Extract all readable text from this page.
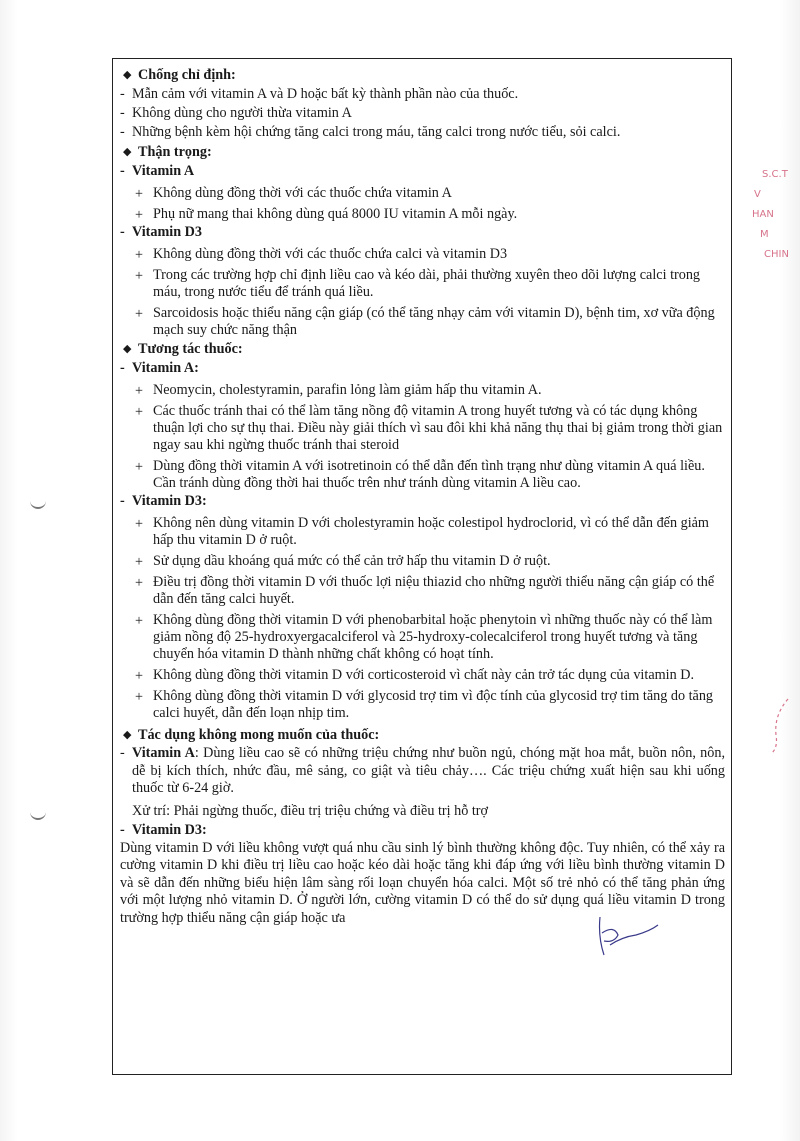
S.C.T
V
HAN
M
CHIN
◆ Chống chỉ định:
- Mẫn cảm với vitamin A và D hoặc bất kỳ thành phần nào của thuốc.
- Không dùng cho người thừa vitamin A
- Những bệnh kèm hội chứng tăng calci trong máu, tăng calci trong nước tiểu, sỏi calci.
◆ Thận trọng:
- Vitamin A
+ Không dùng đồng thời với các thuốc chứa vitamin A
+ Phụ nữ mang thai không dùng quá 8000 IU vitamin A mỗi ngày.
- Vitamin D3
+ Không dùng đồng thời với các thuốc chứa calci và vitamin D3
+ Trong các trường hợp chỉ định liều cao và kéo dài, phải thường xuyên theo dõi lượng calci trong máu, trong nước tiểu để tránh quá liều.
+ Sarcoidosis hoặc thiểu năng cận giáp (có thể tăng nhạy cảm với vitamin D), bệnh tim, xơ vữa động mạch suy chức năng thận
◆ Tương tác thuốc:
- Vitamin A:
+ Neomycin, cholestyramin, parafin lỏng làm giảm hấp thu vitamin A.
+ Các thuốc tránh thai có thể làm tăng nồng độ vitamin A trong huyết tương và có tác dụng không thuận lợi cho sự thụ thai. Điều này giải thích vì sau đôi khi khả năng thụ thai bị giảm trong thời gian ngay sau khi ngừng thuốc tránh thai steroid
+ Dùng đồng thời vitamin A với isotretinoin có thể dẫn đến tình trạng như dùng vitamin A quá liều. Cần tránh dùng đồng thời hai thuốc trên như tránh dùng vitamin A liều cao.
- Vitamin D3:
+ Không nên dùng vitamin D với cholestyramin hoặc colestipol hydroclorid, vì có thể dẫn đến giảm hấp thu vitamin D ở ruột.
+ Sử dụng dầu khoáng quá mức có thể cản trở hấp thu vitamin D ở ruột.
+ Điều trị đồng thời vitamin D với thuốc lợi niệu thiazid cho những người thiểu năng cận giáp có thể dẫn đến tăng calci huyết.
+ Không dùng đồng thời vitamin D với phenobarbital hoặc phenytoin vì những thuốc này có thể làm giảm nồng độ 25-hydroxyergacalciferol và 25-hydroxy-colecalciferol trong huyết tương và tăng chuyển hóa vitamin D thành những chất không có hoạt tính.
+ Không dùng đồng thời vitamin D với corticosteroid vì chất này cản trở tác dụng của vitamin D.
+ Không dùng đồng thời vitamin D với glycosid trợ tim vì độc tính của glycosid trợ tim tăng do tăng calci huyết, dẫn đến loạn nhịp tim.
◆ Tác dụng không mong muốn của thuốc:
- Vitamin A: Dùng liều cao sẽ có những triệu chứng như buồn ngủ, chóng mặt hoa mắt, buồn nôn, nôn, dễ bị kích thích, nhức đầu, mê sảng, co giật và tiêu chảy…. Các triệu chứng xuất hiện sau khi uống thuốc từ 6-24 giờ.
Xử trí: Phải ngừng thuốc, điều trị triệu chứng và điều trị hỗ trợ
- Vitamin D3:
Dùng vitamin D với liều không vượt quá nhu cầu sinh lý bình thường không độc. Tuy nhiên, có thể xảy ra cường vitamin D khi điều trị liều cao hoặc kéo dài hoặc tăng khi đáp ứng với liều bình thường vitamin D và sẽ dẫn đến những biểu hiện lâm sàng rối loạn chuyển hóa calci. Một số trẻ nhỏ có thể tăng phản ứng với một lượng nhỏ vitamin D. Ở người lớn, cường vitamin D có thể do sử dụng quá liều vitamin D trong trường hợp thiểu năng cận giáp hoặc ưa
